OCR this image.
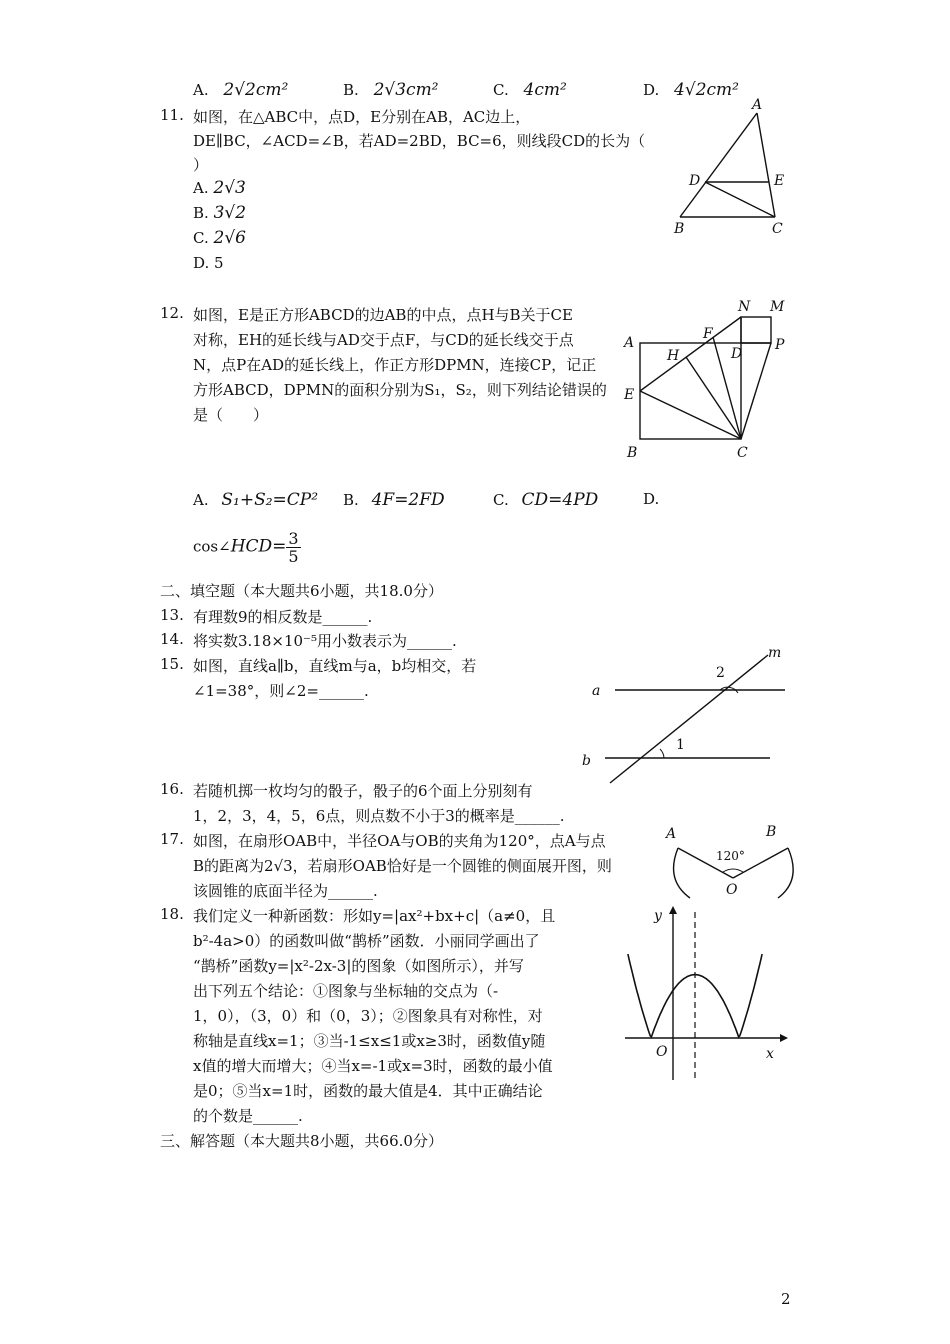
A. 2√2cm²	B. 2√3cm²	C. 4cm²	D. 4√2cm²
11. 如图，在△ABC中，点D，E分别在AB，AC边上，
DE∥BC，∠ACD=∠B，若AD=2BD，BC=6，则线段CD的长为（
）
A. 2√3
B. 3√2
C. 2√6
D. 5
A
D	E
B	C
12. 如图，E是正方形ABCD的边AB的中点，点H与B关于CE
对称，EH的延长线与AD交于点F，与CD的延长线交于点
N，点P在AD的延长线上，作正方形DPMN，连接CP，记正
方形ABCD，DPMN的面积分别为S₁，S₂，则下列结论错误的
是（　　）
N M
F
A
H	D
P
E
B	C
A. S₁+S₂=CP² B. 4F=2FD	C. CD=4PD	D.
cos∠HCD= $\frac{3}{5}$
二、填空题（本大题共6小题，共18.0分）
13. 有理数9的相反数是______.
14. 将实数3.18×10⁻⁵用小数表示为______.
15. 如图，直线a∥b，直线m与a，b均相交，若
∠1=38°，则∠2=______.
m
a
b
1
2
16. 若随机掷一枚均匀的骰子，骰子的6个面上分别刻有
1，2，3，4，5，6点，则点数不小于3的概率是______.
17. 如图，在扇形OAB中，半径OA与OB的夹角为120°，点A与点
B的距离为2√3，若扇形OAB恰好是一个圆锥的侧面展开图，则
该圆锥的底面半径为______.
A	B
O
120°
18. 我们定义一种新函数：形如y=|ax²+bx+c|（a≠0，且
b²-4a>0）的函数叫做“鹊桥”函数．小丽同学画出了
“鹊桥”函数y=|x²-2x-3|的图象（如图所示），并写
出下列五个结论：①图象与坐标轴的交点为（-
1，0），（3，0）和（0，3）；②图象具有对称性，对
称轴是直线x=1；③当-1≤x≤1或x≥3时，函数值y随
x值的增大而增大；④当x=-1或x=3时，函数的最小值
是0；⑤当x=1时，函数的最大值是4．其中正确结论
的个数是______.
y
x
O
三、解答题（本大题共8小题，共66.0分）
2
